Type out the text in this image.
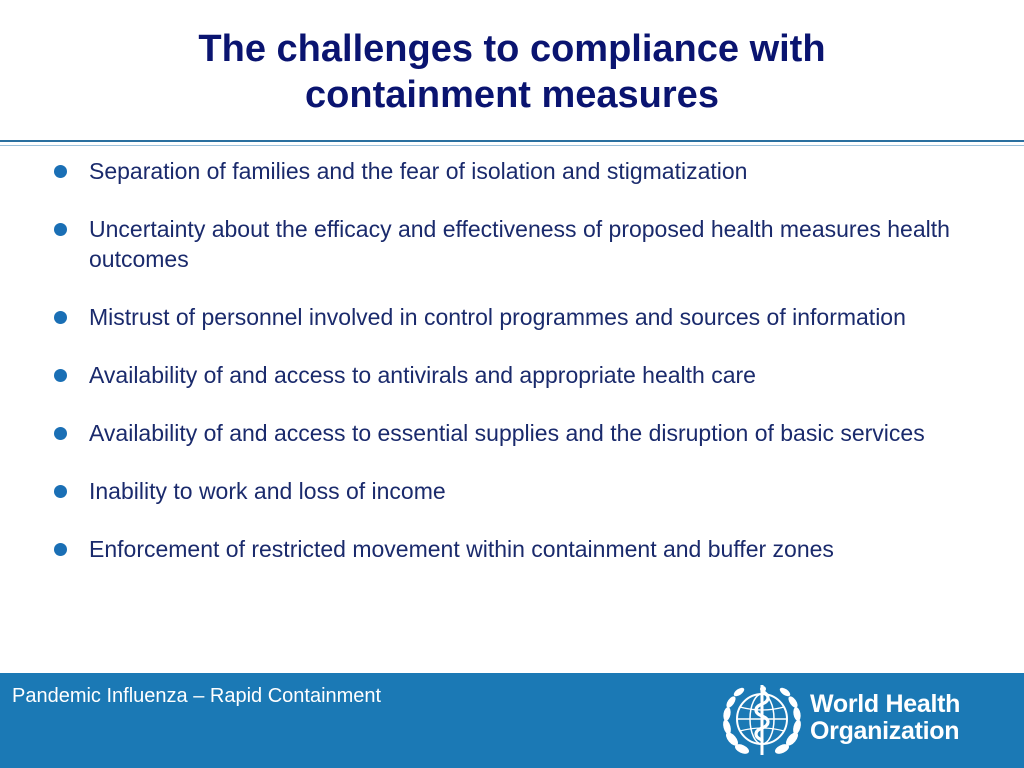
The challenges to compliance with
containment measures
Separation of families and the fear of isolation and stigmatization
Uncertainty about the efficacy and effectiveness of proposed health measures health outcomes
Mistrust of personnel involved in control programmes and sources of information
Availability of and access to antivirals and appropriate health care
Availability of and access to essential supplies and the disruption of basic services
Inability to work and loss of income
Enforcement of restricted movement within containment and buffer zones
Pandemic Influenza – Rapid Containment	World Health
Organization
